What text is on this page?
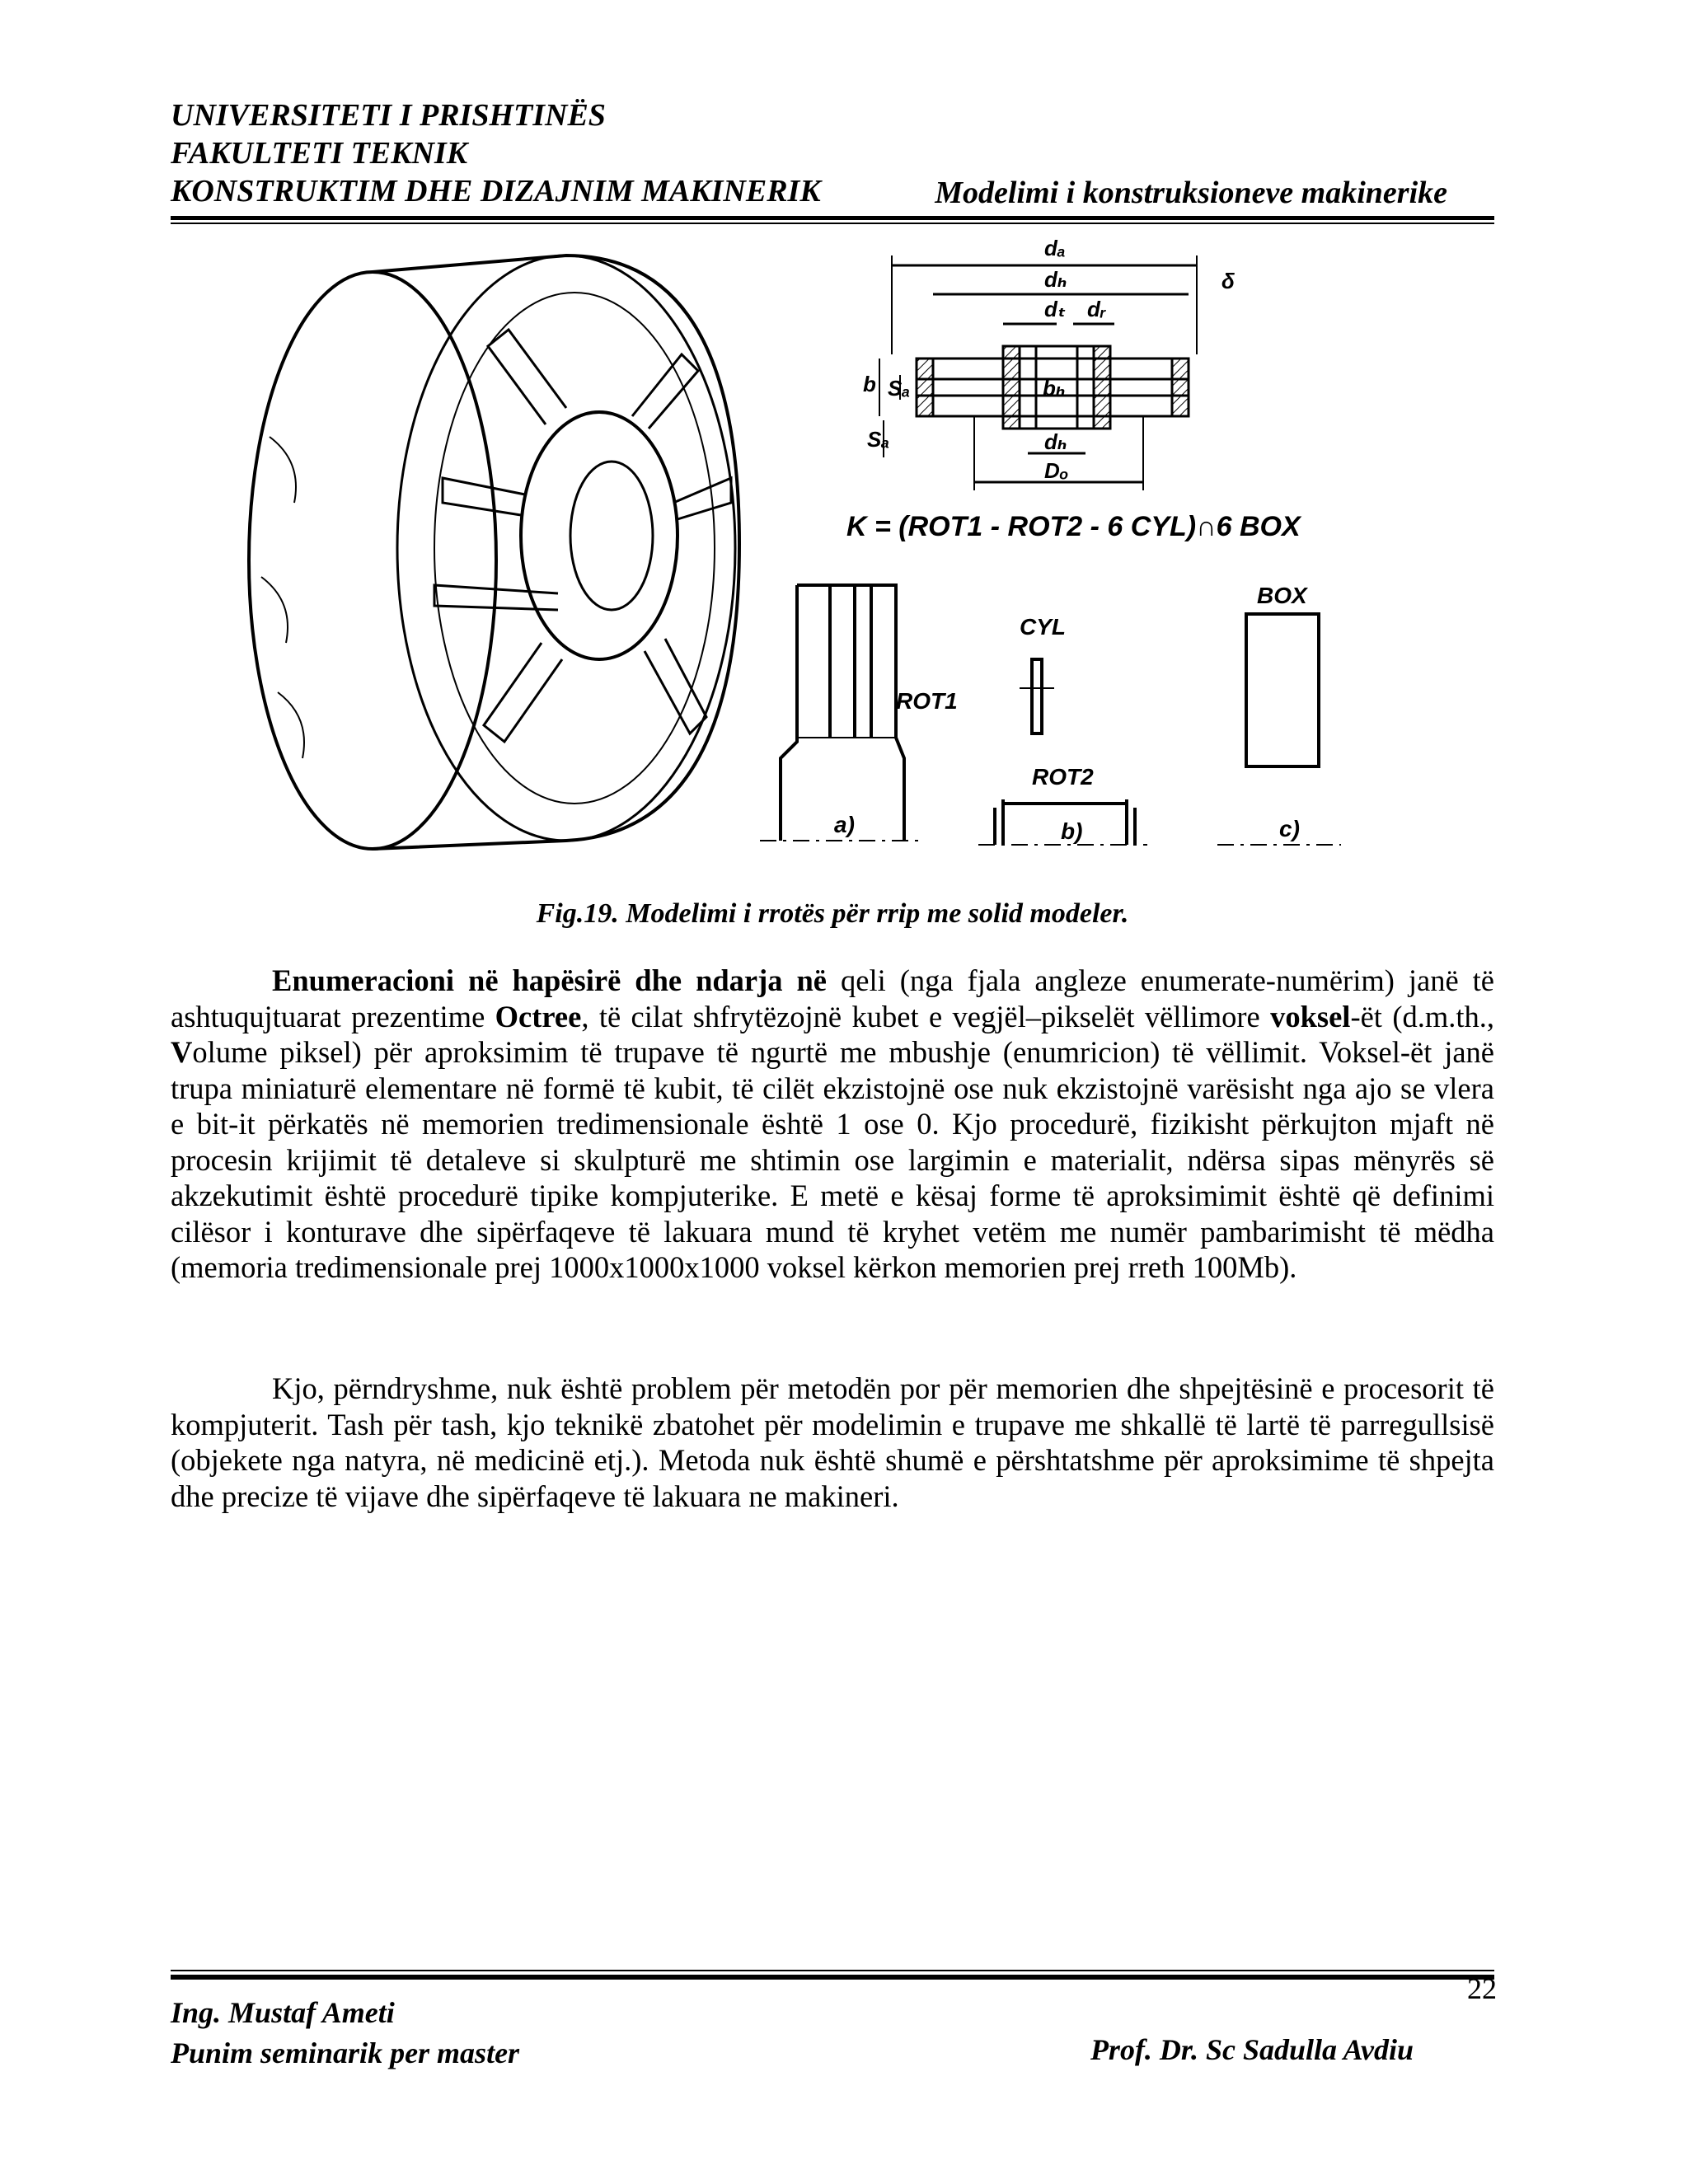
UNIVERSITETI I PRISHTINËS
FAKULTETI TEKNIK
KONSTRUKTIM DHE DIZAJNIM MAKINERIK	Modelimi i konstruksioneve makinerike
dₐ
dₕ	δ
dₜ dᵣ
b Sₐ
Sₐ
bₕ
dₕ
Dₒ
K = (ROT1 - ROT2 - 6 CYL)∩6 BOX
ROT1
CYL
ROT2
BOX
a)	b)	c)
Fig.19. Modelimi i rrotës për rrip me solid modeler.

Enumeracioni në hapësirë dhe ndarja në qeli (nga fjala angleze enumerate-numërim) janë të ashtuqujtuarat prezentime Octree, të cilat shfrytëzojnë kubet e vegjël–pikselët vëllimore voksel-ët (d.m.th., Volume piksel) për aproksimim të trupave të ngurtë me mbushje (enumricion) të vëllimit. Voksel-ët janë trupa miniaturë elementare në formë të kubit, të cilët ekzistojnë ose nuk ekzistojnë varësisht nga ajo se vlera e bit-it përkatës në memorien tredimensionale është 1 ose 0. Kjo procedurë, fizikisht përkujton mjaft në procesin krijimit të detaleve si skulpturë me shtimin ose largimin e materialit, ndërsa sipas mënyrës së akzekutimit është procedurë tipike kompjuterike. E metë e kësaj forme të aproksimimit është që definimi cilësor i konturave dhe sipërfaqeve të lakuara mund të kryhet vetëm me numër pambarimisht të mëdha (memoria tredimensionale prej 1000x1000x1000 voksel kërkon memorien prej rreth 100Mb).

Kjo, përndryshme, nuk është problem për metodën por për memorien dhe shpejtësinë e procesorit të kompjuterit. Tash për tash, kjo teknikë zbatohet për modelimin e trupave me shkallë të lartë të parregullsisë (objekete nga natyra, në medicinë etj.). Metoda nuk është shumë e përshtatshme për aproksimime të shpejta dhe precize të vijave dhe sipërfaqeve të lakuara ne makineri.

22
Ing. Mustaf Ameti
Punim seminarik per master	Prof. Dr. Sc Sadulla Avdiu
